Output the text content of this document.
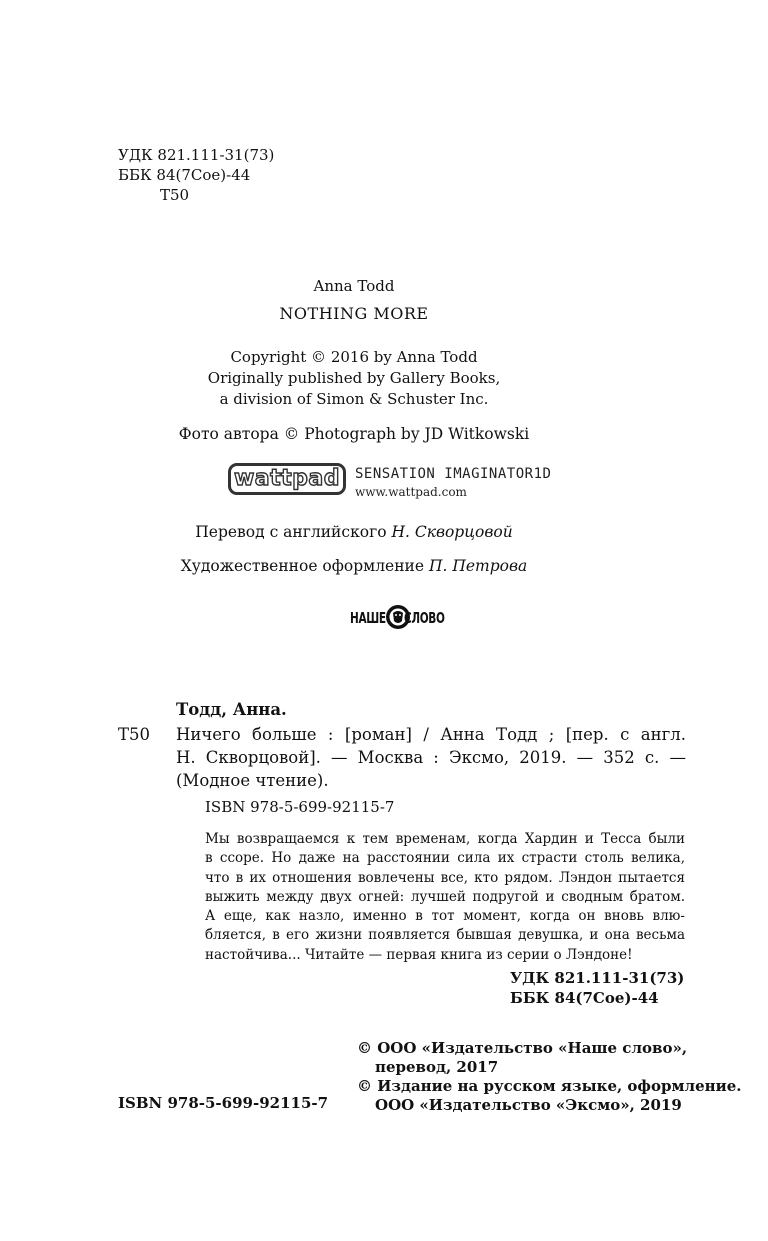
УДК 821.111-31(73)
ББК 84(7Сое)-44
Т50
Anna Todd
NOTHING MORE
Copyright © 2016 by Anna Todd
Originally published by Gallery Books,
a division of Simon & Schuster Inc.
Фото автора © Photograph by JD Witkowski
wattpad	SENSATION IMAGINATOR1D
www.wattpad.com
Перевод с английского Н. Скворцовой
Художественное оформление П. Петрова
НАШЕ СЛОВО
Тодд, Анна.
Т50 Ничего больше : [роман] / Анна Тодд ; [пер. с англ.
Н. Скворцовой]. — Москва : Эксмо, 2019. — 352 с. —
(Модное чтение).
ISBN 978-5-699-92115-7
Мы возвращаемся к тем временам, когда Хардин и Тесса были
в ссоре. Но даже на расстоянии сила их страсти столь велика,
что в их отношения вовлечены все, кто рядом. Лэндон пытается
выжить между двух огней: лучшей подругой и сводным братом.
А еще, как назло, именно в тот момент, когда он вновь влю-
бляется, в его жизни появляется бывшая девушка, и она весьма
настойчива... Читайте — первая книга из серии о Лэндоне!
УДК 821.111-31(73)
ББК 84(7Сое)-44
ISBN 978-5-699-92115-7
© ООО «Издательство «Наше слово»,
перевод, 2017
© Издание на русском языке, оформление.
ООО «Издательство «Эксмо», 2019
